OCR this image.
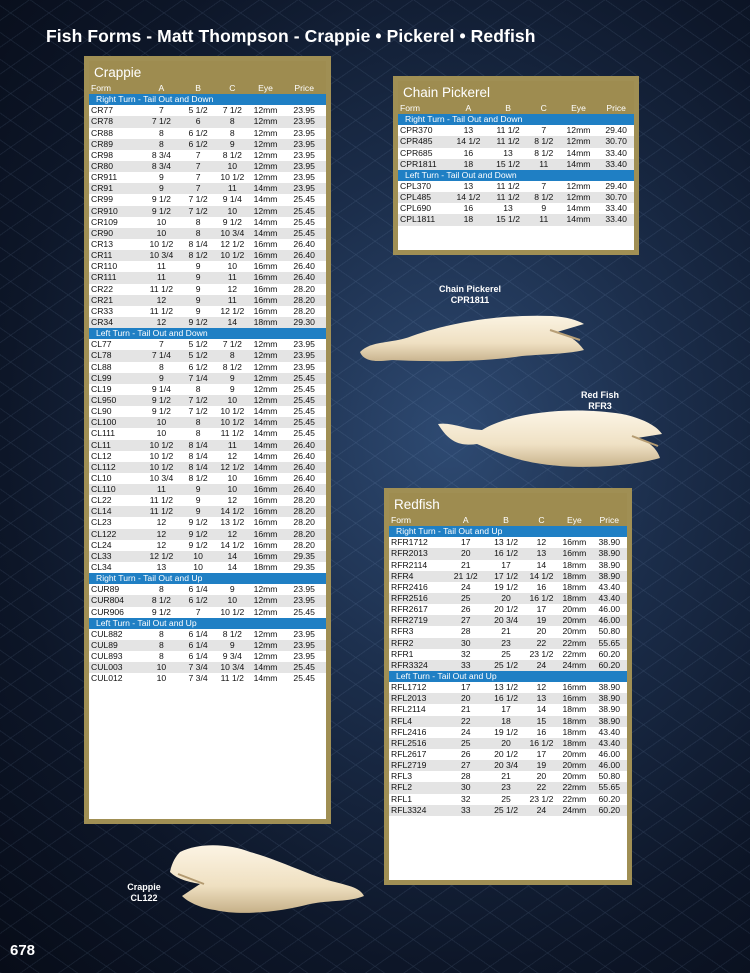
Fish Forms - Matt Thompson - Crappie • Pickerel • Redfish
Crappie
Form	A	B	C	Eye	Price
Right Turn - Tail Out and Down
CR77	7	5 1/2	7 1/2	12mm	23.95
CR78	7 1/2	6	8	12mm	23.95
CR88	8	6 1/2	8	12mm	23.95
CR89	8	6 1/2	9	12mm	23.95
CR98	8 3/4	7	8 1/2	12mm	23.95
CR80	8 3/4	7	10	12mm	23.95
CR911	9	7	10 1/2	12mm	23.95
CR91	9	7	11	14mm	23.95
CR99	9 1/2	7 1/2	9 1/4	14mm	25.45
CR910	9 1/2	7 1/2	10	12mm	25.45
CR109	10	8	9 1/2	14mm	25.45
CR90	10	8	10 3/4	14mm	25.45
CR13	10 1/2	8 1/4	12 1/2	16mm	26.40
CR11	10 3/4	8 1/2	10 1/2	16mm	26.40
CR110	11	9	10	16mm	26.40
CR111	11	9	11	16mm	26.40
CR22	11 1/2	9	12	16mm	28.20
CR21	12	9	11	16mm	28.20
CR33	11 1/2	9	12 1/2	16mm	28.20
CR34	12	9 1/2	14	18mm	29.30
Left Turn - Tail Out and Down
CL77	7	5 1/2	7 1/2	12mm	23.95
CL78	7 1/4	5 1/2	8	12mm	23.95
CL88	8	6 1/2	8 1/2	12mm	23.95
CL99	9	7 1/4	9	12mm	25.45
CL19	9 1/4	8	9	12mm	25.45
CL950	9 1/2	7 1/2	10	12mm	25.45
CL90	9 1/2	7 1/2	10 1/2	14mm	25.45
CL100	10	8	10 1/2	14mm	25.45
CL111	10	8	11 1/2	14mm	25.45
CL11	10 1/2	8 1/4	11	14mm	26.40
CL12	10 1/2	8 1/4	12	14mm	26.40
CL112	10 1/2	8 1/4	12 1/2	14mm	26.40
CL10	10 3/4	8 1/2	10	16mm	26.40
CL110	11	9	10	16mm	26.40
CL22	11 1/2	9	12	16mm	28.20
CL14	11 1/2	9	14 1/2	16mm	28.20
CL23	12	9 1/2	13 1/2	16mm	28.20
CL122	12	9 1/2	12	16mm	28.20
CL24	12	9 1/2	14 1/2	16mm	28.20
CL33	12 1/2	10	14	16mm	29.35
CL34	13	10	14	18mm	29.35
Right Turn - Tail Out and Up
CUR89	8	6 1/4	9	12mm	23.95
CUR804	8 1/2	6 1/2	10	12mm	23.95
CUR906	9 1/2	7	10 1/2	12mm	25.45
Left Turn - Tail Out and Up
CUL882	8	6 1/4	8 1/2	12mm	23.95
CUL89	8	6 1/4	9	12mm	23.95
CUL893	8	6 1/4	9 3/4	12mm	23.95
CUL003	10	7 3/4	10 3/4	14mm	25.45
CUL012	10	7 3/4	11 1/2	14mm	25.45
Chain Pickerel
Form	A	B	C	Eye	Price
Right Turn - Tail Out and Down
CPR370	13	11 1/2	7	12mm	29.40
CPR485	14 1/2	11 1/2	8 1/2	12mm	30.70
CPR685	16	13	8 1/2	14mm	33.40
CPR1811	18	15 1/2	11	14mm	33.40
Left Turn - Tail Out and Down
CPL370	13	11 1/2	7	12mm	29.40
CPL485	14 1/2	11 1/2	8 1/2	12mm	30.70
CPL690	16	13	9	14mm	33.40
CPL1811	18	15 1/2	11	14mm	33.40
Redfish
Form	A	B	C	Eye	Price
Right Turn - Tail Out and Up
RFR1712	17	13 1/2	12	16mm	38.90
RFR2013	20	16 1/2	13	16mm	38.90
RFR2114	21	17	14	18mm	38.90
RFR4	21 1/2	17 1/2	14 1/2	18mm	38.90
RFR2416	24	19 1/2	16	18mm	43.40
RFR2516	25	20	16 1/2	18mm	43.40
RFR2617	26	20 1/2	17	20mm	46.00
RFR2719	27	20 3/4	19	20mm	46.00
RFR3	28	21	20	20mm	50.80
RFR2	30	23	22	22mm	55.65
RFR1	32	25	23 1/2	22mm	60.20
RFR3324	33	25 1/2	24	24mm	60.20
Left Turn - Tail Out and Up
RFL1712	17	13 1/2	12	16mm	38.90
RFL2013	20	16 1/2	13	16mm	38.90
RFL2114	21	17	14	18mm	38.90
RFL4	22	18	15	18mm	38.90
RFL2416	24	19 1/2	16	18mm	43.40
RFL2516	25	20	16 1/2	18mm	43.40
RFL2617	26	20 1/2	17	20mm	46.00
RFL2719	27	20 3/4	19	20mm	46.00
RFL3	28	21	20	20mm	50.80
RFL2	30	23	22	22mm	55.65
RFL1	32	25	23 1/2	22mm	60.20
RFL3324	33	25 1/2	24	24mm	60.20
Chain Pickerel
CPR1811
Red Fish
RFR3
Crappie
CL122
678
